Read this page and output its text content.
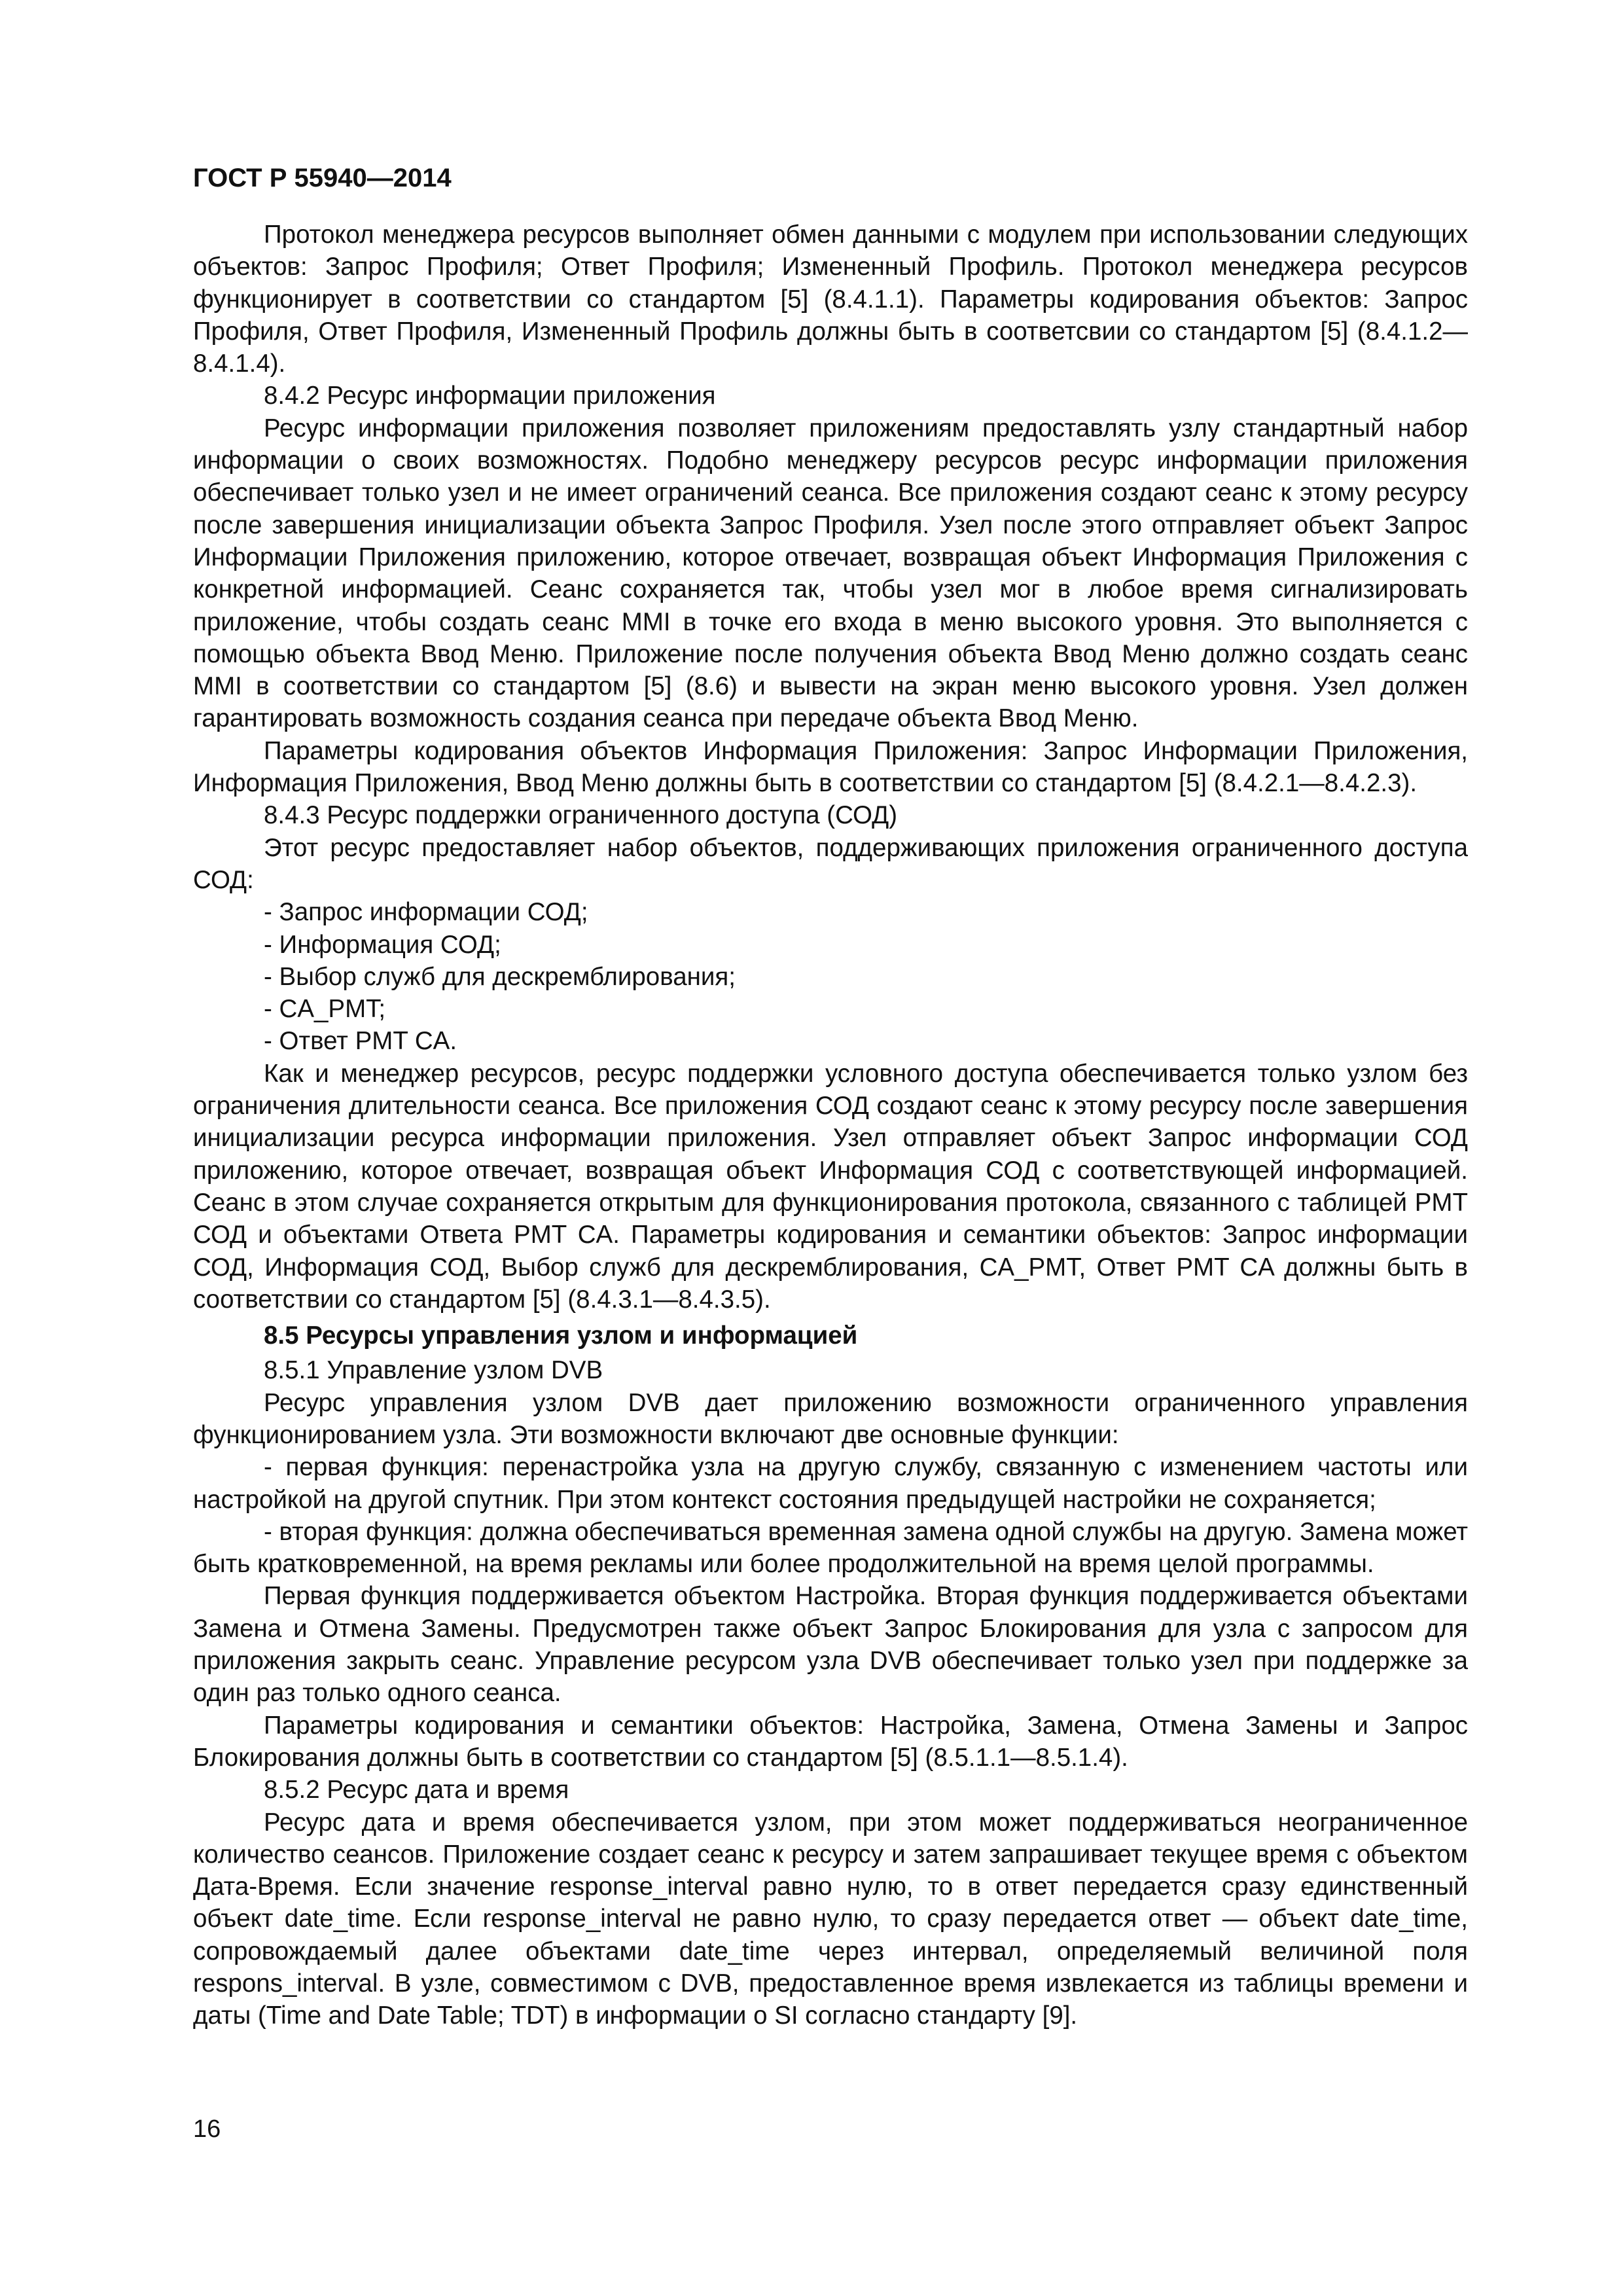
ГОСТ Р 55940—2014

Протокол менеджера ресурсов выполняет обмен данными с модулем при использовании следующих объектов: Запрос Профиля; Ответ Профиля; Измененный Профиль. Протокол менеджера ресурсов функционирует в соответствии со стандартом [5] (8.4.1.1). Параметры кодирования объектов: Запрос Профиля, Ответ Профиля, Измененный Профиль должны быть в соответсвии со стандартом [5] (8.4.1.2—8.4.1.4).

8.4.2 Ресурс информации приложения

Ресурс информации приложения позволяет приложениям предоставлять узлу стандартный набор информации о своих возможностях. Подобно менеджеру ресурсов ресурс информации приложения обеспечивает только узел и не имеет ограничений сеанса. Все приложения создают сеанс к этому ресурсу после завершения инициализации объекта Запрос Профиля. Узел после этого отправляет объект Запрос Информации Приложения приложению, которое отвечает, возвращая объект Информация Приложения с конкретной информацией. Сеанс сохраняется так, чтобы узел мог в любое время сигнализировать приложение, чтобы создать сеанс MMI в точке его входа в меню высокого уровня. Это выполняется с помощью объекта Ввод Меню. Приложение после получения объекта Ввод Меню должно создать сеанс MMI в соответствии со стандартом [5] (8.6) и вывести на экран меню высокого уровня. Узел должен гарантировать возможность создания сеанса при передаче объекта Ввод Меню.

Параметры кодирования объектов Информация Приложения: Запрос Информации Приложения, Информация Приложения, Ввод Меню должны быть в соответствии со стандартом [5] (8.4.2.1—8.4.2.3).

8.4.3 Ресурс поддержки ограниченного доступа (СОД)

Этот ресурс предоставляет набор объектов, поддерживающих приложения ограниченного доступа СОД:

- Запрос информации СОД;

- Информация СОД;

- Выбор служб для дескремблирования;

- CA_PMT;

- Ответ PMT CA.

Как и менеджер ресурсов, ресурс поддержки условного доступа обеспечивается только узлом без ограничения длительности сеанса. Все приложения СОД создают сеанс к этому ресурсу после завершения инициализации ресурса информации приложения. Узел отправляет объект Запрос информации СОД приложению, которое отвечает, возвращая объект Информация СОД с соответствующей информацией. Сеанс в этом случае сохраняется открытым для функционирования протокола, связанного с таблицей PMT СОД и объектами Ответа PMT CA. Параметры кодирования и семантики объектов: Запрос информации СОД, Информация СОД, Выбор служб для дескремблирования, CA_PMT, Ответ PMT CA должны быть в соответствии со стандартом [5] (8.4.3.1—8.4.3.5).

8.5 Ресурсы управления узлом и информацией

8.5.1 Управление узлом DVB

Ресурс управления узлом DVB дает приложению возможности ограниченного управления функционированием узла. Эти возможности включают две основные функции:

- первая функция: перенастройка узла на другую службу, связанную с изменением частоты или настройкой на другой спутник. При этом контекст состояния предыдущей настройки не сохраняется;

- вторая функция: должна обеспечиваться временная замена одной службы на другую. Замена может быть кратковременной, на время рекламы или более продолжительной на время целой программы.

Первая функция поддерживается объектом Настройка. Вторая функция поддерживается объектами Замена и Отмена Замены. Предусмотрен также объект Запрос Блокирования для узла с запросом для приложения закрыть сеанс. Управление ресурсом узла DVB обеспечивает только узел при поддержке за один раз только одного сеанса.

Параметры кодирования и семантики объектов: Настройка, Замена, Отмена Замены и Запрос Блокирования должны быть в соответствии со стандартом [5] (8.5.1.1—8.5.1.4).

8.5.2 Ресурс дата и время

Ресурс дата и время обеспечивается узлом, при этом может поддерживаться неограниченное количество сеансов. Приложение создает сеанс к ресурсу и затем запрашивает текущее время с объектом Дата-Время. Если значение response_interval равно нулю, то в ответ передается сразу единственный объект date_time. Если response_interval не равно нулю, то сразу передается ответ — объект date_time, сопровождаемый далее объектами date_time через интервал, определяемый величиной поля respons_interval. В узле, совместимом с DVB, предоставленное время извлекается из таблицы времени и даты (Time and Date Table; TDT) в информации о SI согласно стандарту [9].

16
